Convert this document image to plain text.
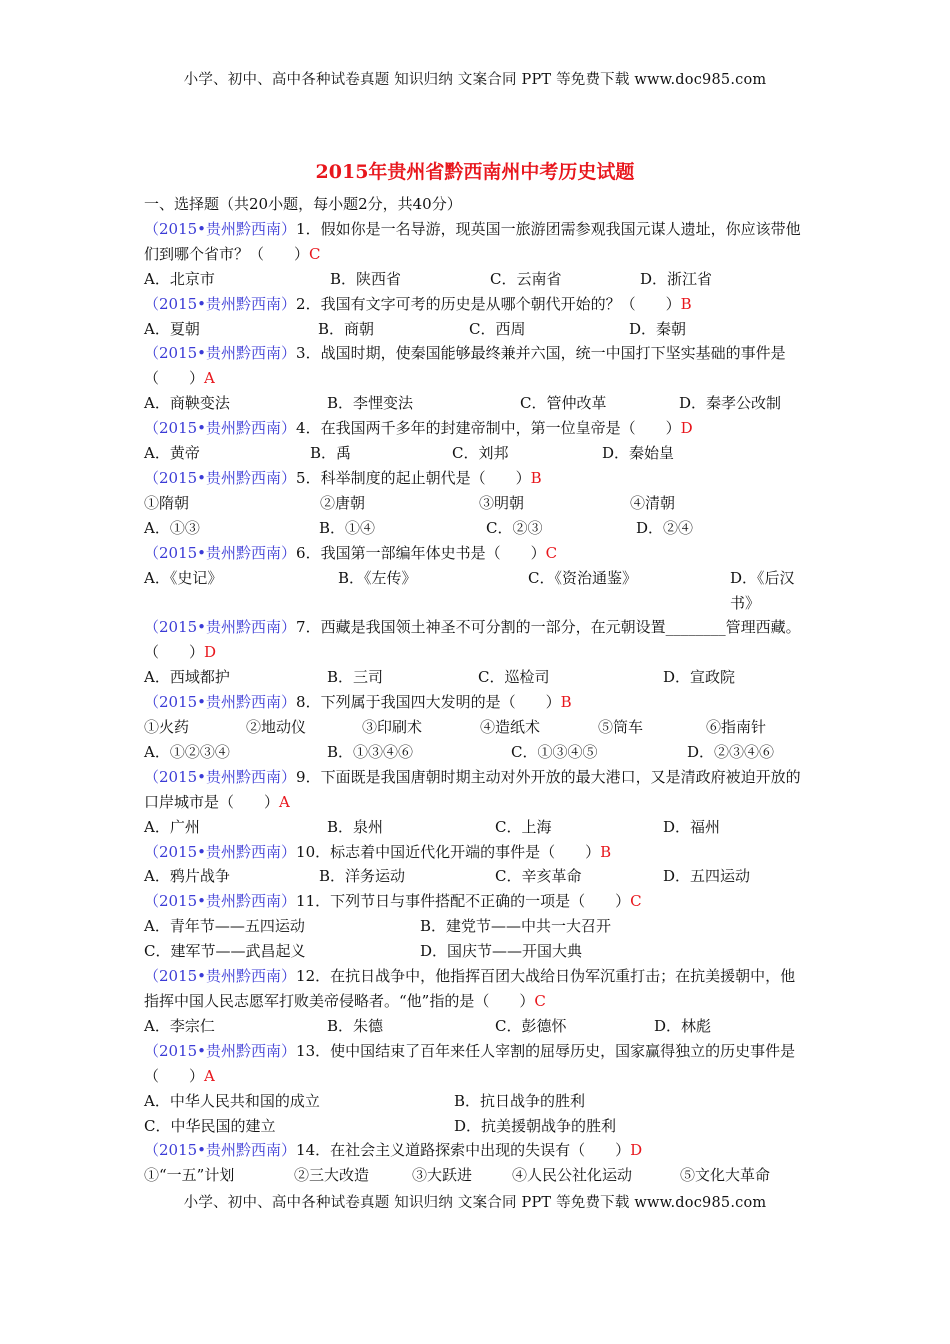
小学、初中、高中各种试卷真题 知识归纳 文案合同 PPT 等免费下载 www.doc985.com
2015年贵州省黔西南州中考历史试题

一、选择题（共20小题，每小题2分，共40分）

（2015•贵州黔西南）1．假如你是一名导游，现英国一旅游团需参观我国元谋人遗址，你应该带他们到哪个省市？（　　）C

A．北京市	B．陕西省	C．云南省	D．浙江省

（2015•贵州黔西南）2．我国有文字可考的历史是从哪个朝代开始的？（　　）B

A．夏朝	B．商朝	C．西周	D．秦朝

（2015•贵州黔西南）3．战国时期，使秦国能够最终兼并六国，统一中国打下坚实基础的事件是（　　）A

A．商鞅变法	B．李悝变法	C．管仲改革	D．秦孝公改制

（2015•贵州黔西南）4．在我国两千多年的封建帝制中，第一位皇帝是（　　）D

A．黄帝	B．禹	C．刘邦	D．秦始皇

（2015•贵州黔西南）5．科举制度的起止朝代是（　　）B

①隋朝	②唐朝	③明朝	④清朝
A．①③	B．①④	C．②③	D．②④

（2015•贵州黔西南）6．我国第一部编年体史书是（　　）C

A．《史记》	B．《左传》	C．《资治通鉴》	D．《后汉书》

（2015•贵州黔西南）7．西藏是我国领土神圣不可分割的一部分，在元朝设置________管理西藏。（　　）D

A．西域都护	B．三司	C．巡检司	D．宣政院

（2015•贵州黔西南）8．下列属于我国四大发明的是（　　）B

①火药	②地动仪	③印刷术	④造纸术	⑤筒车	⑥指南针
A．①②③④	B．①③④⑥	C．①③④⑤	D．②③④⑥

（2015•贵州黔西南）9．下面既是我国唐朝时期主动对外开放的最大港口，又是清政府被迫开放的口岸城市是（　　）A

A．广州	B．泉州	C．上海	D．福州

（2015•贵州黔西南）10．标志着中国近代化开端的事件是（　　）B

A．鸦片战争	B．洋务运动	C．辛亥革命	D．五四运动

（2015•贵州黔西南）11．下列节日与事件搭配不正确的一项是（　　）C

A．青年节——五四运动	B．建党节——中共一大召开
C．建军节——武昌起义	D．国庆节——开国大典

（2015•贵州黔西南）12．在抗日战争中，他指挥百团大战给日伪军沉重打击；在抗美援朝中，他指挥中国人民志愿军打败美帝侵略者。“他”指的是（　　）C

A．李宗仁	B．朱德	C．彭德怀	D．林彪

（2015•贵州黔西南）13．使中国结束了百年来任人宰割的屈辱历史，国家赢得独立的历史事件是（　　）A

A．中华人民共和国的成立	B．抗日战争的胜利
C．中华民国的建立	D．抗美援朝战争的胜利

（2015•贵州黔西南）14．在社会主义道路探索中出现的失误有（　　）D

①“一五”计划	②三大改造	③大跃进	④人民公社化运动	⑤文化大革命
小学、初中、高中各种试卷真题 知识归纳 文案合同 PPT 等免费下载 www.doc985.com
